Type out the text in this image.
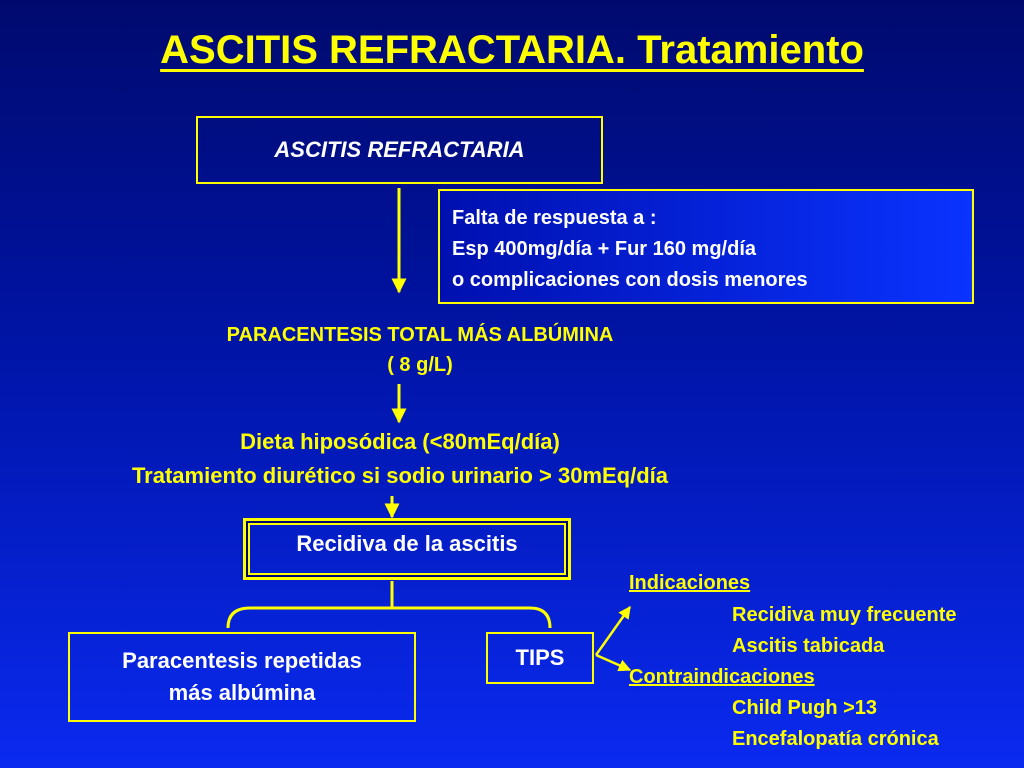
ASCITIS REFRACTARIA. Tratamiento
ASCITIS REFRACTARIA
Falta de respuesta a :
Esp 400mg/día + Fur 160 mg/día
o complicaciones con dosis menores
PARACENTESIS TOTAL MÁS ALBÚMINA
( 8 g/L)
Dieta hiposódica (<80mEq/día)
Tratamiento diurético si sodio urinario > 30mEq/día
Recidiva de la ascitis
Paracentesis repetidas
más albúmina
TIPS
Indicaciones
Recidiva muy frecuente
Ascitis tabicada
Contraindicaciones
Child Pugh >13
Encefalopatía crónica
